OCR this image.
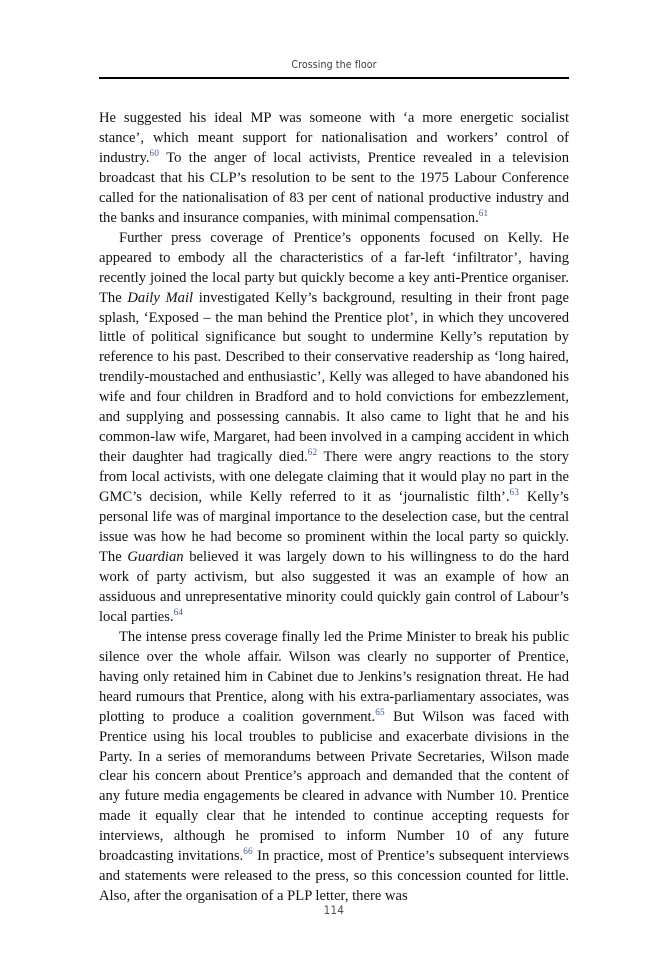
Crossing the floor

He suggested his ideal MP was someone with ‘a more energetic socialist stance’, which meant support for nationalisation and workers’ control of industry.$^{60}$ To the anger of local activists, Prentice revealed in a television broadcast that his CLP’s resolution to be sent to the 1975 Labour Conference called for the nationalisation of 83 per cent of national productive industry and the banks and insurance companies, with minimal compensation.$^{61}$

Further press coverage of Prentice’s opponents focused on Kelly. He appeared to embody all the characteristics of a far-left ‘infiltrator’, having recently joined the local party but quickly become a key anti-Prentice organiser. The Daily Mail investigated Kelly’s background, resulting in their front page splash, ‘Exposed – the man behind the Prentice plot’, in which they uncovered little of political significance but sought to undermine Kelly’s reputation by reference to his past. Described to their conservative readership as ‘long haired, trendily-moustached and enthusiastic’, Kelly was alleged to have abandoned his wife and four children in Bradford and to hold convictions for embezzlement, and supplying and possessing cannabis. It also came to light that he and his common-law wife, Margaret, had been involved in a camping accident in which their daughter had tragically died.$^{62}$ There were angry reactions to the story from local activists, with one delegate claiming that it would play no part in the GMC’s decision, while Kelly referred to it as ‘journalistic filth’.$^{63}$ Kelly’s personal life was of marginal importance to the deselection case, but the central issue was how he had become so prominent within the local party so quickly. The Guardian believed it was largely down to his willingness to do the hard work of party activism, but also suggested it was an example of how an assiduous and unrepresentative minority could quickly gain control of Labour’s local parties.$^{64}$

The intense press coverage finally led the Prime Minister to break his public silence over the whole affair. Wilson was clearly no supporter of Prentice, having only retained him in Cabinet due to Jenkins’s resignation threat. He had heard rumours that Prentice, along with his extra-parliamentary associates, was plotting to produce a coalition government.$^{65}$ But Wilson was faced with Prentice using his local troubles to publicise and exacerbate divisions in the Party. In a series of memorandums between Private Secretaries, Wilson made clear his concern about Prentice’s approach and demanded that the content of any future media engagements be cleared in advance with Number 10. Prentice made it equally clear that he intended to continue accepting requests for interviews, although he promised to inform Number 10 of any future broadcasting invitations.$^{66}$ In practice, most of Prentice’s subsequent interviews and statements were released to the press, so this concession counted for little. Also, after the organisation of a PLP letter, there was

114
